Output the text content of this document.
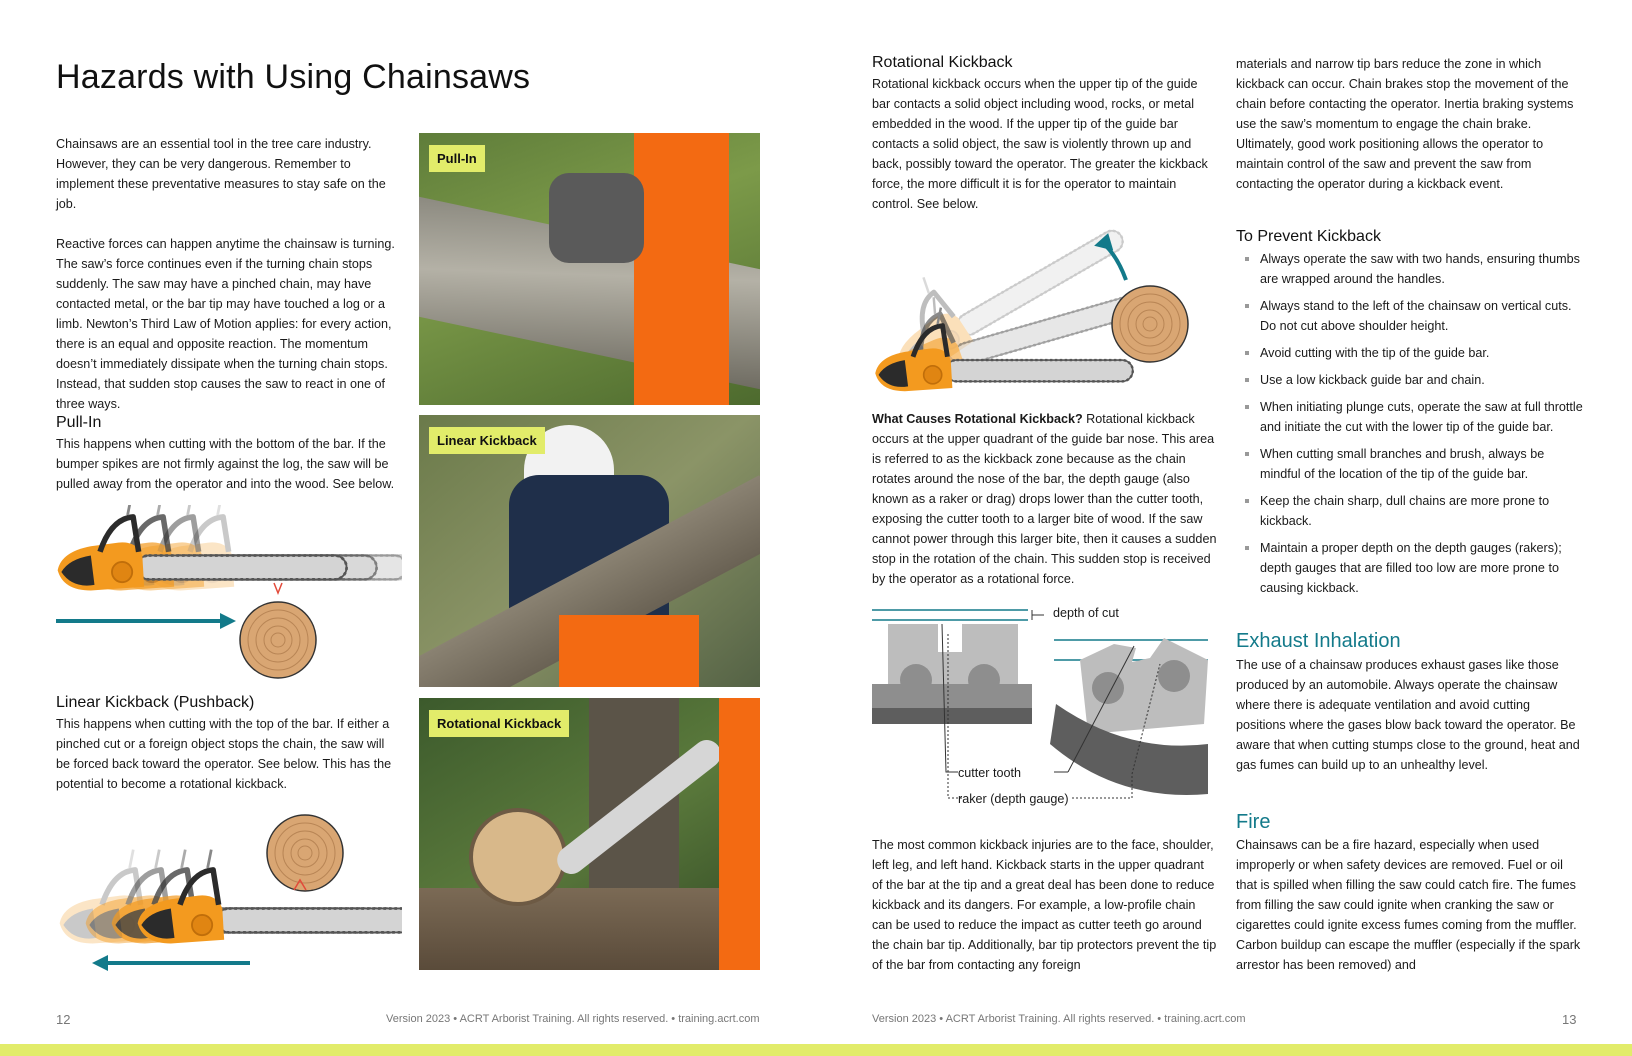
Hazards with Using Chainsaws

Chainsaws are an essential tool in the tree care industry. However, they can be very dangerous. Remember to implement these preventative measures to stay safe on the job.

Reactive forces can happen anytime the chainsaw is turning. The saw’s force continues even if the turning chain stops suddenly. The saw may have a pinched chain, may have contacted metal, or the bar tip may have touched a log or a limb. Newton’s Third Law of Motion applies: for every action, there is an equal and opposite reaction. The momentum doesn’t immediately dissipate when the turning chain stops. Instead, that sudden stop causes the saw to react in one of three ways.

Pull-In
This happens when cutting with the bottom of the bar. If the bumper spikes are not firmly against the log, the saw will be pulled away from the operator and into the wood. See below.
Linear Kickback (Pushback)
This happens when cutting with the top of the bar. If either a pinched cut or a foreign object stops the chain, the saw will be forced back toward the operator. See below. This has the potential to become a rotational kickback.
Pull-In
Linear Kickback
Rotational Kickback
12	Version 2023 • ACRT Arborist Training. All rights reserved. • training.acrt.com
Rotational Kickback
Rotational kickback occurs when the upper tip of the guide bar contacts a solid object including wood, rocks, or metal embedded in the wood. If the upper tip of the guide bar contacts a solid object, the saw is violently thrown up and back, possibly toward the operator. The greater the kickback force, the more difficult it is for the operator to maintain control. See below.
What Causes Rotational Kickback? Rotational kickback occurs at the upper quadrant of the guide bar nose. This area is referred to as the kickback zone because as the chain rotates around the nose of the bar, the depth gauge (also known as a raker or drag) drops lower than the cutter tooth, exposing the cutter tooth to a larger bite of wood. If the saw cannot power through this larger bite, then it causes a sudden stop in the rotation of the chain. This sudden stop is received by the operator as a rotational force.
depth of cut
cutter tooth
raker (depth gauge)
The most common kickback injuries are to the face, shoulder, left leg, and left hand. Kickback starts in the upper quadrant of the bar at the tip and a great deal has been done to reduce kickback and its dangers. For example, a low-profile chain can be used to reduce the impact as cutter teeth go around the chain bar tip. Additionally, bar tip protectors prevent the tip of the bar from contacting any foreign
materials and narrow tip bars reduce the zone in which kickback can occur. Chain brakes stop the movement of the chain before contacting the operator. Inertia braking systems use the saw’s momentum to engage the chain brake. Ultimately, good work positioning allows the operator to maintain control of the saw and prevent the saw from contacting the operator during a kickback event.
To Prevent Kickback
Always operate the saw with two hands, ensuring thumbs are wrapped around the handles.
Always stand to the left of the chainsaw on vertical cuts. Do not cut above shoulder height.
Avoid cutting with the tip of the guide bar.
Use a low kickback guide bar and chain.
When initiating plunge cuts, operate the saw at full throttle and initiate the cut with the lower tip of the guide bar.
When cutting small branches and brush, always be mindful of the location of the tip of the guide bar.
Keep the chain sharp, dull chains are more prone to kickback.
Maintain a proper depth on the depth gauges (rakers); depth gauges that are filled too low are more prone to causing kickback.
Exhaust Inhalation
The use of a chainsaw produces exhaust gases like those produced by an automobile. Always operate the chainsaw where there is adequate ventilation and avoid cutting positions where the gases blow back toward the operator. Be aware that when cutting stumps close to the ground, heat and gas fumes can build up to an unhealthy level.
Fire
Chainsaws can be a fire hazard, especially when used improperly or when safety devices are removed. Fuel or oil that is spilled when filling the saw could catch fire. The fumes from filling the saw could ignite when cranking the saw or cigarettes could ignite excess fumes coming from the muffler. Carbon buildup can escape the muffler (especially if the spark arrestor has been removed) and
Version 2023 • ACRT Arborist Training. All rights reserved. • training.acrt.com	13
